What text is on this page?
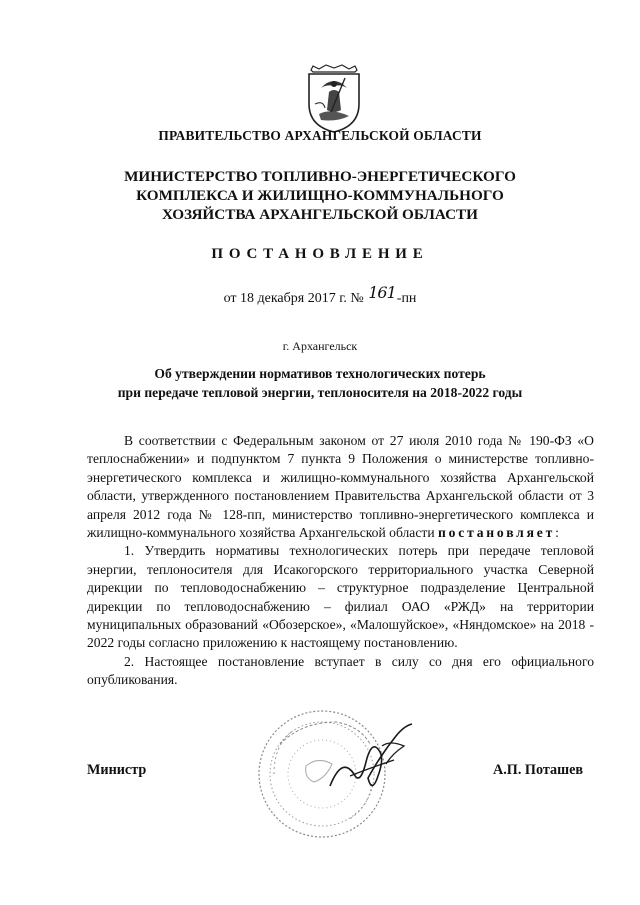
ПРАВИТЕЛЬСТВО АРХАНГЕЛЬСКОЙ ОБЛАСТИ
МИНИСТЕРСТВО ТОПЛИВНО-ЭНЕРГЕТИЧЕСКОГО
КОМПЛЕКСА И ЖИЛИЩНО-КОММУНАЛЬНОГО
ХОЗЯЙСТВА АРХАНГЕЛЬСКОЙ ОБЛАСТИ
ПОСТАНОВЛЕНИЕ
от 18 декабря 2017 г. № 161-пн
г. Архангельск
Об утверждении нормативов технологических потерь
при передаче тепловой энергии, теплоносителя на 2018-2022 годы

В соответствии с Федеральным законом от 27 июля 2010 года № 190-ФЗ «О теплоснабжении» и подпунктом 7 пункта 9 Положения о министерстве топливно-энергетического комплекса и жилищно-коммунального хозяйства Архангельской области, утвержденного постановлением Правительства Архангельской области от 3 апреля 2012 года № 128-пп, министерство топливно-энергетического комплекса и жилищно-коммунального хозяйства Архангельской области постановляет:

1. Утвердить нормативы технологических потерь при передаче тепловой энергии, теплоносителя для Исакогорского территориального участка Северной дирекции по тепловодоснабжению – структурное подразделение Центральной дирекции по тепловодоснабжению – филиал ОАО «РЖД» на территории муниципальных образований «Обозерское», «Малошуйское», «Няндомское» на 2018 - 2022 годы согласно приложению к настоящему постановлению.

2. Настоящее постановление вступает в силу со дня его официального опубликования.

Министр	А.П. Поташев
